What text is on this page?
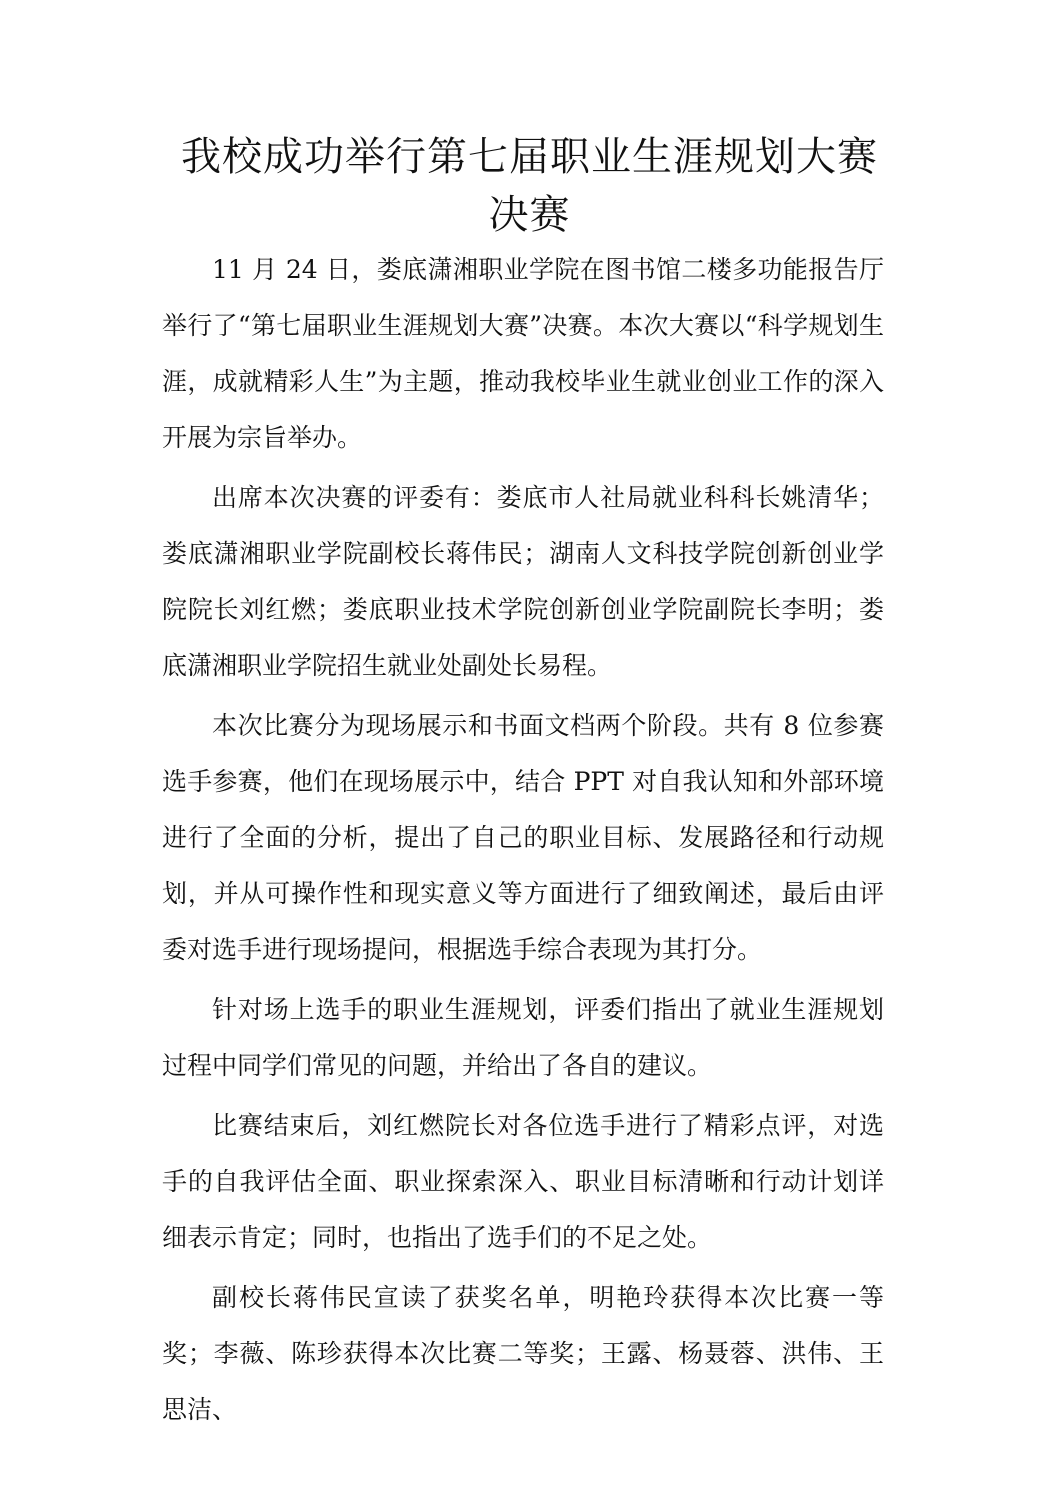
我校成功举行第七届职业生涯规划大赛
决赛

11 月 24 日，娄底潇湘职业学院在图书馆二楼多功能报告厅举行了“第七届职业生涯规划大赛”决赛。本次大赛以“科学规划生涯，成就精彩人生”为主题，推动我校毕业生就业创业工作的深入开展为宗旨举办。

出席本次决赛的评委有：娄底市人社局就业科科长姚清华；娄底潇湘职业学院副校长蒋伟民；湖南人文科技学院创新创业学院院长刘红燃；娄底职业技术学院创新创业学院副院长李明；娄底潇湘职业学院招生就业处副处长易程。

本次比赛分为现场展示和书面文档两个阶段。共有 8 位参赛选手参赛，他们在现场展示中，结合 PPT 对自我认知和外部环境进行了全面的分析，提出了自己的职业目标、发展路径和行动规划，并从可操作性和现实意义等方面进行了细致阐述，最后由评委对选手进行现场提问，根据选手综合表现为其打分。

针对场上选手的职业生涯规划，评委们指出了就业生涯规划过程中同学们常见的问题，并给出了各自的建议。

比赛结束后，刘红燃院长对各位选手进行了精彩点评，对选手的自我评估全面、职业探索深入、职业目标清晰和行动计划详细表示肯定；同时，也指出了选手们的不足之处。

副校长蒋伟民宣读了获奖名单，明艳玲获得本次比赛一等奖；李薇、陈珍获得本次比赛二等奖；王露、杨聂蓉、洪伟、王思洁、
